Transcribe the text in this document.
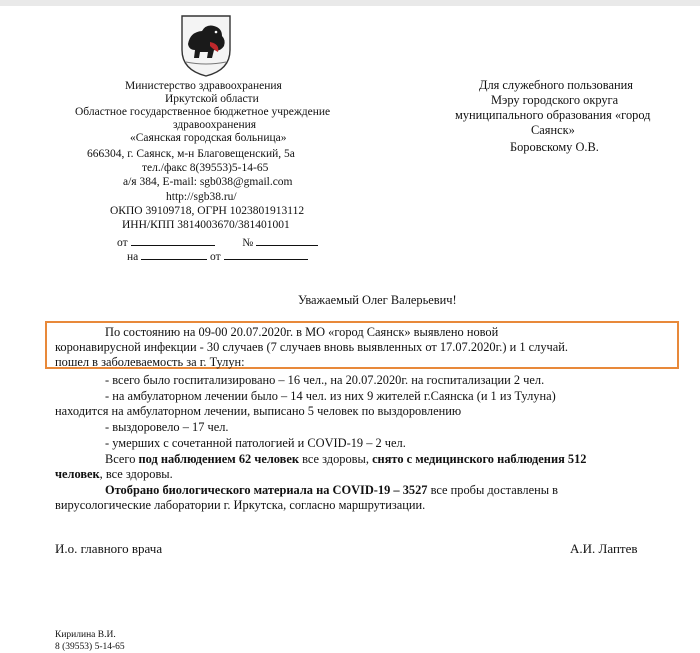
Министерство здравоохранения
Иркутской области
Областное государственное бюджетное учреждение
здравоохранения
«Саянская городская больница»
666304, г. Саянск, м-н Благовещенский, 5а
тел./факс 8(39553)5-14-65
а/я 384, E-mail: sgb038@gmail.com
http://sgb38.ru/
ОКПО 39109718, ОГРН 1023801913112
ИНН/КПП 3814003670/381401001
от	№
на	от
Для служебного пользования
Мэру городского округа
муниципального образования «город
Саянск»
Боровскому О.В.
Уважаемый Олег Валерьевич!
По состоянию на 09-00 20.07.2020г. в МО «город Саянск» выявлено новой
коронавирусной инфекции - 30 случаев (7 случаев вновь выявленных от 17.07.2020г.) и 1 случай.
пошел в заболеваемость за г. Тулун:
- всего было госпитализировано – 16 чел., на 20.07.2020г. на госпитализации 2 чел.
- на амбулаторном лечении было – 14 чел. из них 9 жителей г.Саянска (и 1 из Тулуна)
находится на амбулаторном лечении, выписано 5 человек по выздоровлению
- выздоровело – 17 чел.
- умерших с сочетанной патологией и COVID-19 – 2 чел.
Всего под наблюдением 62 человек все здоровы, снято с медицинского наблюдения 512
человек, все здоровы.
Отобрано биологического материала на COVID-19 – 3527 все пробы доставлены в
вирусологические лаборатории г. Иркутска, согласно маршрутизации.
И.о. главного врача	А.И. Лаптев
Кирилина В.И.
8 (39553) 5-14-65
